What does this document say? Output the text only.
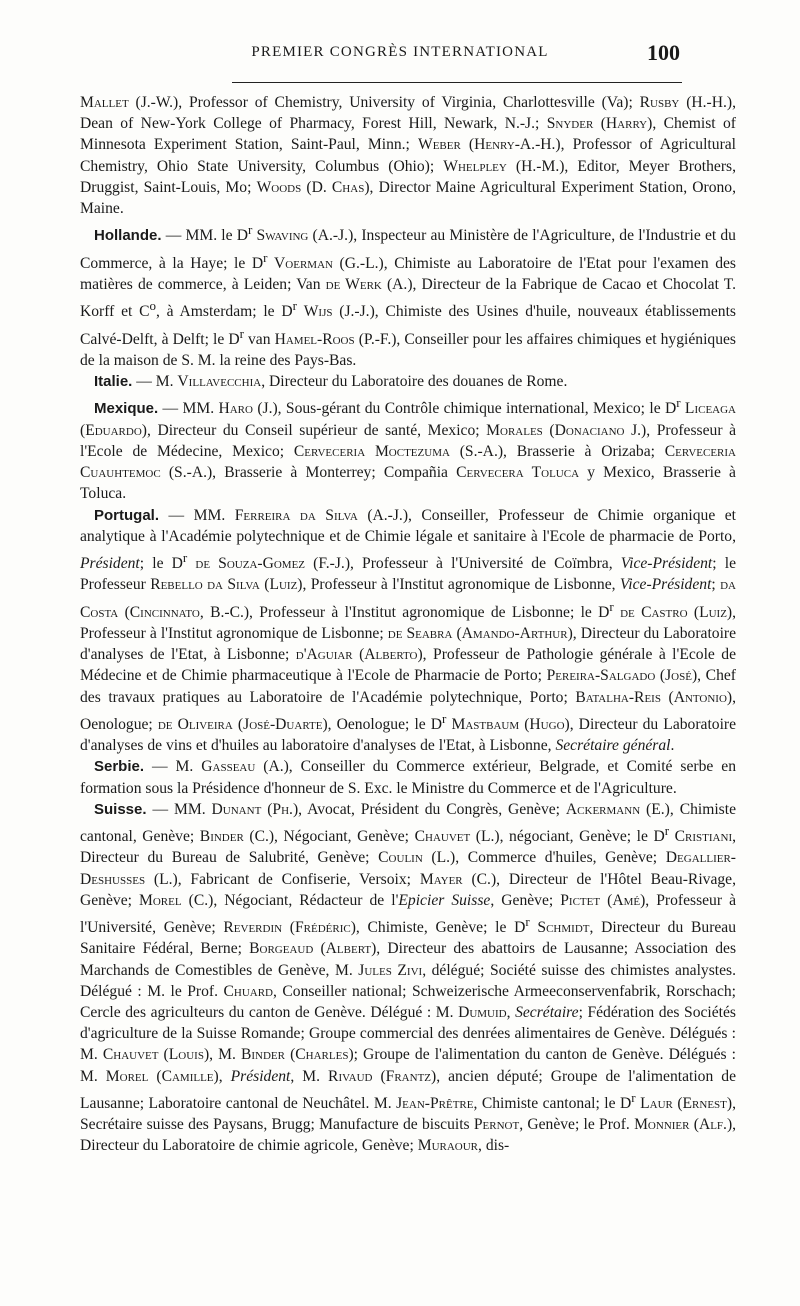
PREMIER CONGRÈS INTERNATIONAL	100

Mallet (J.-W.), Professor of Chemistry, University of Virginia, Charlottesville (Va); Rusby (H.-H.), Dean of New-York College of Pharmacy, Forest Hill, Newark, N.-J.; Snyder (Harry), Chemist of Minnesota Experiment Station, Saint-Paul, Minn.; Weber (Henry-A.-H.), Professor of Agricultural Chemistry, Ohio State University, Columbus (Ohio); Whelpley (H.-M.), Editor, Meyer Brothers, Druggist, Saint-Louis, Mo; Woods (D. Chas), Director Maine Agricultural Experiment Station, Orono, Maine.

Hollande. — MM. le $D^r$ Swaving (A.-J.), Inspecteur au Ministère de l'Agriculture, de l'Industrie et du Commerce, à la Haye; le $D^r$ Voerman (G.-L.), Chimiste au Laboratoire de l'Etat pour l'examen des matières de commerce, à Leiden; Van de Werk (A.), Directeur de la Fabrique de Cacao et Chocolat T. Korff et $C^o$, à Amsterdam; le $D^r$ Wijs (J.-J.), Chimiste des Usines d'huile, nouveaux établissements Calvé-Delft, à Delft; le $D^r$ van Hamel-Roos (P.-F.), Conseiller pour les affaires chimiques et hygiéniques de la maison de S. M. la reine des Pays-Bas.

Italie. — M. Villavecchia, Directeur du Laboratoire des douanes de Rome.

Mexique. — MM. Haro (J.), Sous-gérant du Contrôle chimique international, Mexico; le $D^r$ Liceaga (Eduardo), Directeur du Conseil supérieur de santé, Mexico; Morales (Donaciano J.), Professeur à l'Ecole de Médecine, Mexico; Cerveceria Moctezuma (S.-A.), Brasserie à Orizaba; Cerveceria Cuauhtemoc (S.-A.), Brasserie à Monterrey; Compañia Cervecera Toluca y Mexico, Brasserie à Toluca.

Portugal. — MM. Ferreira da Silva (A.-J.), Conseiller, Professeur de Chimie organique et analytique à l'Académie polytechnique et de Chimie légale et sanitaire à l'Ecole de pharmacie de Porto, Président; le $D^r$ de Souza-Gomez (F.-J.), Professeur à l'Université de Coïmbra, Vice-Président; le Professeur Rebello da Silva (Luiz), Professeur à l'Institut agronomique de Lisbonne, Vice-Président; da Costa (Cincinnato, B.-C.), Professeur à l'Institut agronomique de Lisbonne; le $D^r$ de Castro (Luiz), Professeur à l'Institut agronomique de Lisbonne; de Seabra (Amando-Arthur), Directeur du Laboratoire d'analyses de l'Etat, à Lisbonne; d'Aguiar (Alberto), Professeur de Pathologie générale à l'Ecole de Médecine et de Chimie pharmaceutique à l'Ecole de Pharmacie de Porto; Pereira-Salgado (José), Chef des travaux pratiques au Laboratoire de l'Académie polytechnique, Porto; Batalha-Reis (Antonio), Oenologue; de Oliveira (José-Duarte), Oenologue; le $D^r$ Mastbaum (Hugo), Directeur du Laboratoire d'analyses de vins et d'huiles au laboratoire d'analyses de l'Etat, à Lisbonne, Secrétaire général.

Serbie. — M. Gasseau (A.), Conseiller du Commerce extérieur, Belgrade, et Comité serbe en formation sous la Présidence d'honneur de S. Exc. le Ministre du Commerce et de l'Agriculture.

Suisse. — MM. Dunant (Ph.), Avocat, Président du Congrès, Genève; Ackermann (E.), Chimiste cantonal, Genève; Binder (C.), Négociant, Genève; Chauvet (L.), négociant, Genève; le $D^r$ Cristiani, Directeur du Bureau de Salubrité, Genève; Coulin (L.), Commerce d'huiles, Genève; Degallier-Deshusses (L.), Fabricant de Confiserie, Versoix; Mayer (C.), Directeur de l'Hôtel Beau-Rivage, Genève; Morel (C.), Négociant, Rédacteur de l'Epicier Suisse, Genève; Pictet (Amé), Professeur à l'Université, Genève; Reverdin (Frédéric), Chimiste, Genève; le $D^r$ Schmidt, Directeur du Bureau Sanitaire Fédéral, Berne; Borgeaud (Albert), Directeur des abattoirs de Lausanne; Association des Marchands de Comestibles de Genève, M. Jules Zivi, délégué; Société suisse des chimistes analystes. Délégué : M. le Prof. Chuard, Conseiller national; Schweizerische Armeeconservenfabrik, Rorschach; Cercle des agriculteurs du canton de Genève. Délégué : M. Dumuid, Secrétaire; Fédération des Sociétés d'agriculture de la Suisse Romande; Groupe commercial des denrées alimentaires de Genève. Délégués : M. Chauvet (Louis), M. Binder (Charles); Groupe de l'alimentation du canton de Genève. Délégués : M. Morel (Camille), Président, M. Rivaud (Frantz), ancien député; Groupe de l'alimentation de Lausanne; Laboratoire cantonal de Neuchâtel. M. Jean-Prêtre, Chimiste cantonal; le $D^r$ Laur (Ernest), Secrétaire suisse des Paysans, Brugg; Manufacture de biscuits Pernot, Genève; le Prof. Monnier (Alf.), Directeur du Laboratoire de chimie agricole, Genève; Muraour, dis-
